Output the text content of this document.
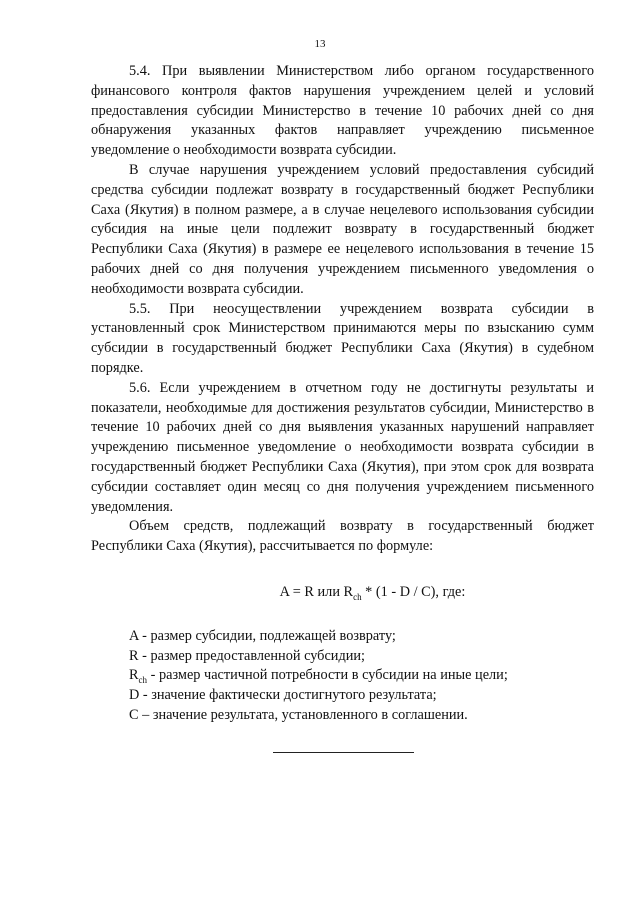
13

5.4. При выявлении Министерством либо органом государственного финансового контроля фактов нарушения учреждением целей и условий предоставления субсидии Министерство в течение 10 рабочих дней со дня обнаружения указанных фактов направляет учреждению письменное уведомление о необходимости возврата субсидии.

В случае нарушения учреждением условий предоставления субсидий средства субсидии подлежат возврату в государственный бюджет Республики Саха (Якутия) в полном размере, а в случае нецелевого использования субсидии субсидия на иные цели подлежит возврату в государственный бюджет Республики Саха (Якутия) в размере ее нецелевого использования в течение 15 рабочих дней со дня получения учреждением письменного уведомления о необходимости возврата субсидии.

5.5. При неосуществлении учреждением возврата субсидии в установленный срок Министерством принимаются меры по взысканию сумм субсидии в государственный бюджет Республики Саха (Якутия) в судебном порядке.

5.6. Если учреждением в отчетном году не достигнуты результаты и показатели, необходимые для достижения результатов субсидии, Министерство в течение 10 рабочих дней со дня выявления указанных нарушений направляет учреждению письменное уведомление о необходимости возврата субсидии в государственный бюджет Республики Саха (Якутия), при этом срок для возврата субсидии составляет один месяц со дня получения учреждением письменного уведомления.

Объем средств, подлежащий возврату в государственный бюджет Республики Саха (Якутия), рассчитывается по формуле:

A = R или $R_{ch} * (1$ - D / C), где:

A - размер субсидии, подлежащей возврату;

R - размер предоставленной субсидии;

$R_{ch}$ - размер частичной потребности в субсидии на иные цели;

D - значение фактически достигнутого результата;

C – значение результата, установленного в соглашении.
